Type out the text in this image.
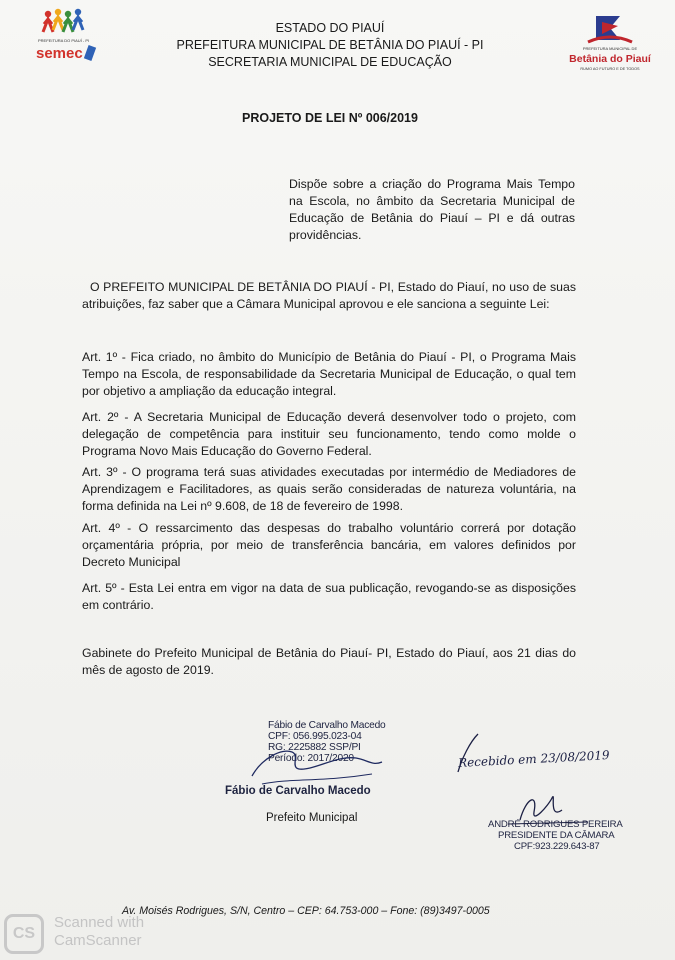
PREFEITURA DO PIAUÍ - PI
semec
ESTADO DO PIAUÍ
PREFEITURA MUNICIPAL DE BETÂNIA DO PIAUÍ - PI
SECRETARIA MUNICIPAL DE EDUCAÇÃO
PREFEITURA MUNICIPAL DE
Betânia do Piauí
RUMO AO FUTURO E DE TODOS
PROJETO DE LEI Nº 006/2019
Dispõe sobre a criação do Programa Mais Tempo na Escola, no âmbito da Secretaria Municipal de Educação de Betânia do Piauí – PI e dá outras providências.
O PREFEITO MUNICIPAL DE BETÂNIA DO PIAUÍ - PI, Estado do Piauí, no uso de suas atribuições, faz saber que a Câmara Municipal aprovou e ele sanciona a seguinte Lei:
Art. 1º - Fica criado, no âmbito do Município de Betânia do Piauí - PI, o Programa Mais Tempo na Escola, de responsabilidade da Secretaria Municipal de Educação, o qual tem por objetivo a ampliação da educação integral.
Art. 2º - A Secretaria Municipal de Educação deverá desenvolver todo o projeto, com delegação de competência para instituir seu funcionamento, tendo como molde o Programa Novo Mais Educação do Governo Federal.
Art. 3º - O programa terá suas atividades executadas por intermédio de Mediadores de Aprendizagem e Facilitadores, as quais serão consideradas de natureza voluntária, na forma definida na Lei nº 9.608, de 18 de fevereiro de 1998.
Art. 4º - O ressarcimento das despesas do trabalho voluntário correrá por dotação orçamentária própria, por meio de transferência bancária, em valores definidos por Decreto Municipal
Art. 5º - Esta Lei entra em vigor na data de sua publicação, revogando-se as disposições em contrário.
Gabinete do Prefeito Municipal de Betânia do Piauí- PI, Estado do Piauí, aos 21 dias do mês de agosto de 2019.
Fábio de Carvalho Macedo
CPF: 056.995.023-04
RG: 2225882 SSP/PI
Período: 2017/2020
Fábio de Carvalho Macedo
Prefeito Municipal
Recebido em 23/08/2019
ANDRÉ RODRIGUES PEREIRA
PRESIDENTE DA CÂMARA
CPF:923.229.643-87
Av. Moisés Rodrigues, S/N, Centro – CEP: 64.753-000 – Fone: (89)3497-0005
CS
Scanned with
CamScanner
